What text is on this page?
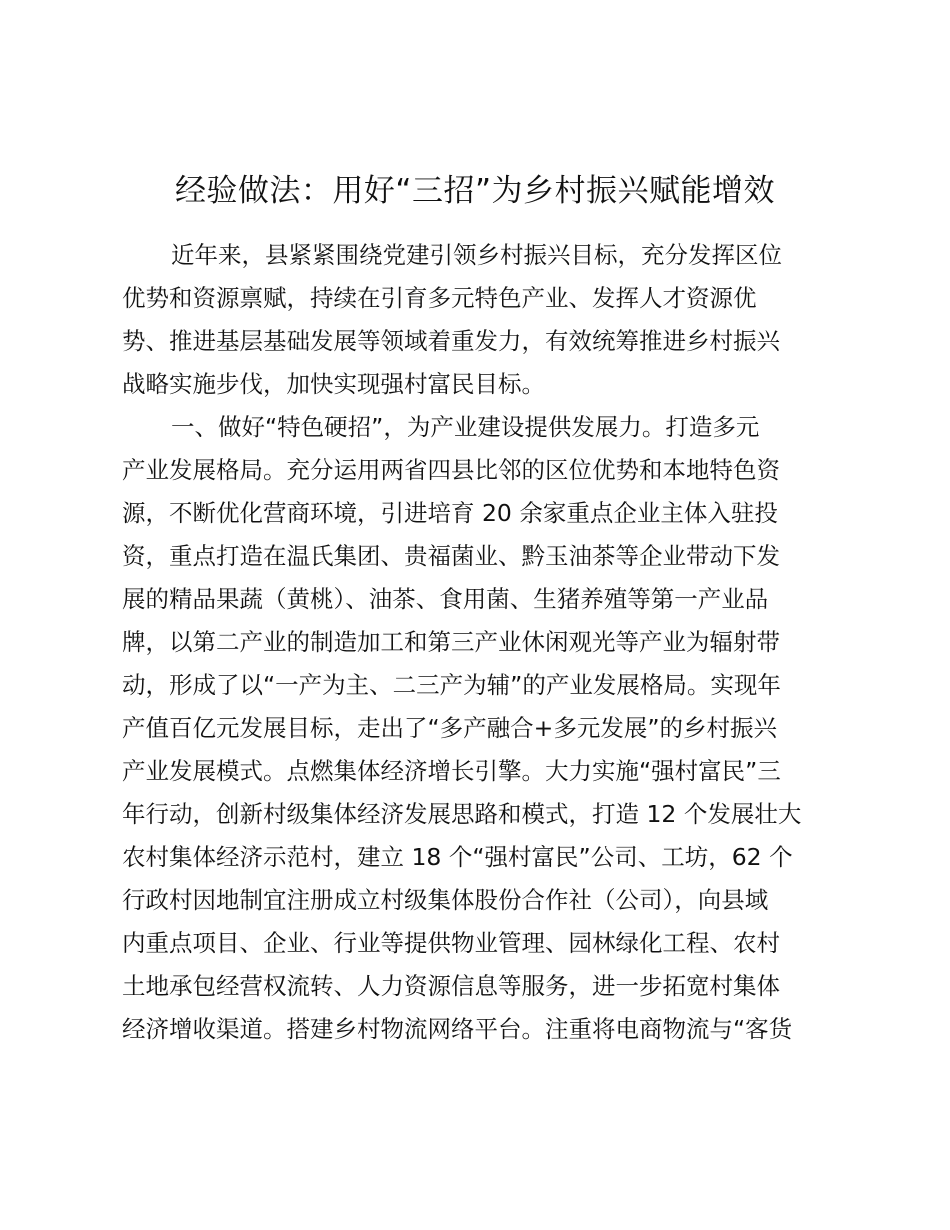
经验做法：用好“三招”为乡村振兴赋能增效

近年来，县紧紧围绕党建引领乡村振兴目标，充分发挥区位

优势和资源禀赋，持续在引育多元特色产业、发挥人才资源优

势、推进基层基础发展等领域着重发力，有效统筹推进乡村振兴

战略实施步伐，加快实现强村富民目标。

一、做好“特色硬招”，为产业建设提供发展力。打造多元

产业发展格局。充分运用两省四县比邻的区位优势和本地特色资

源，不断优化营商环境，引进培育 20 余家重点企业主体入驻投

资，重点打造在温氏集团、贵福菌业、黔玉油茶等企业带动下发

展的精品果蔬（黄桃）、油茶、食用菌、生猪养殖等第一产业品

牌，以第二产业的制造加工和第三产业休闲观光等产业为辐射带

动，形成了以“一产为主、二三产为辅”的产业发展格局。实现年

产值百亿元发展目标，走出了“多产融合+多元发展”的乡村振兴

产业发展模式。点燃集体经济增长引擎。大力实施“强村富民”三

年行动，创新村级集体经济发展思路和模式，打造 12 个发展壮大

农村集体经济示范村，建立 18 个“强村富民”公司、工坊，62 个

行政村因地制宜注册成立村级集体股份合作社（公司），向县域

内重点项目、企业、行业等提供物业管理、园林绿化工程、农村

土地承包经营权流转、人力资源信息等服务，进一步拓宽村集体

经济增收渠道。搭建乡村物流网络平台。注重将电商物流与“客货
